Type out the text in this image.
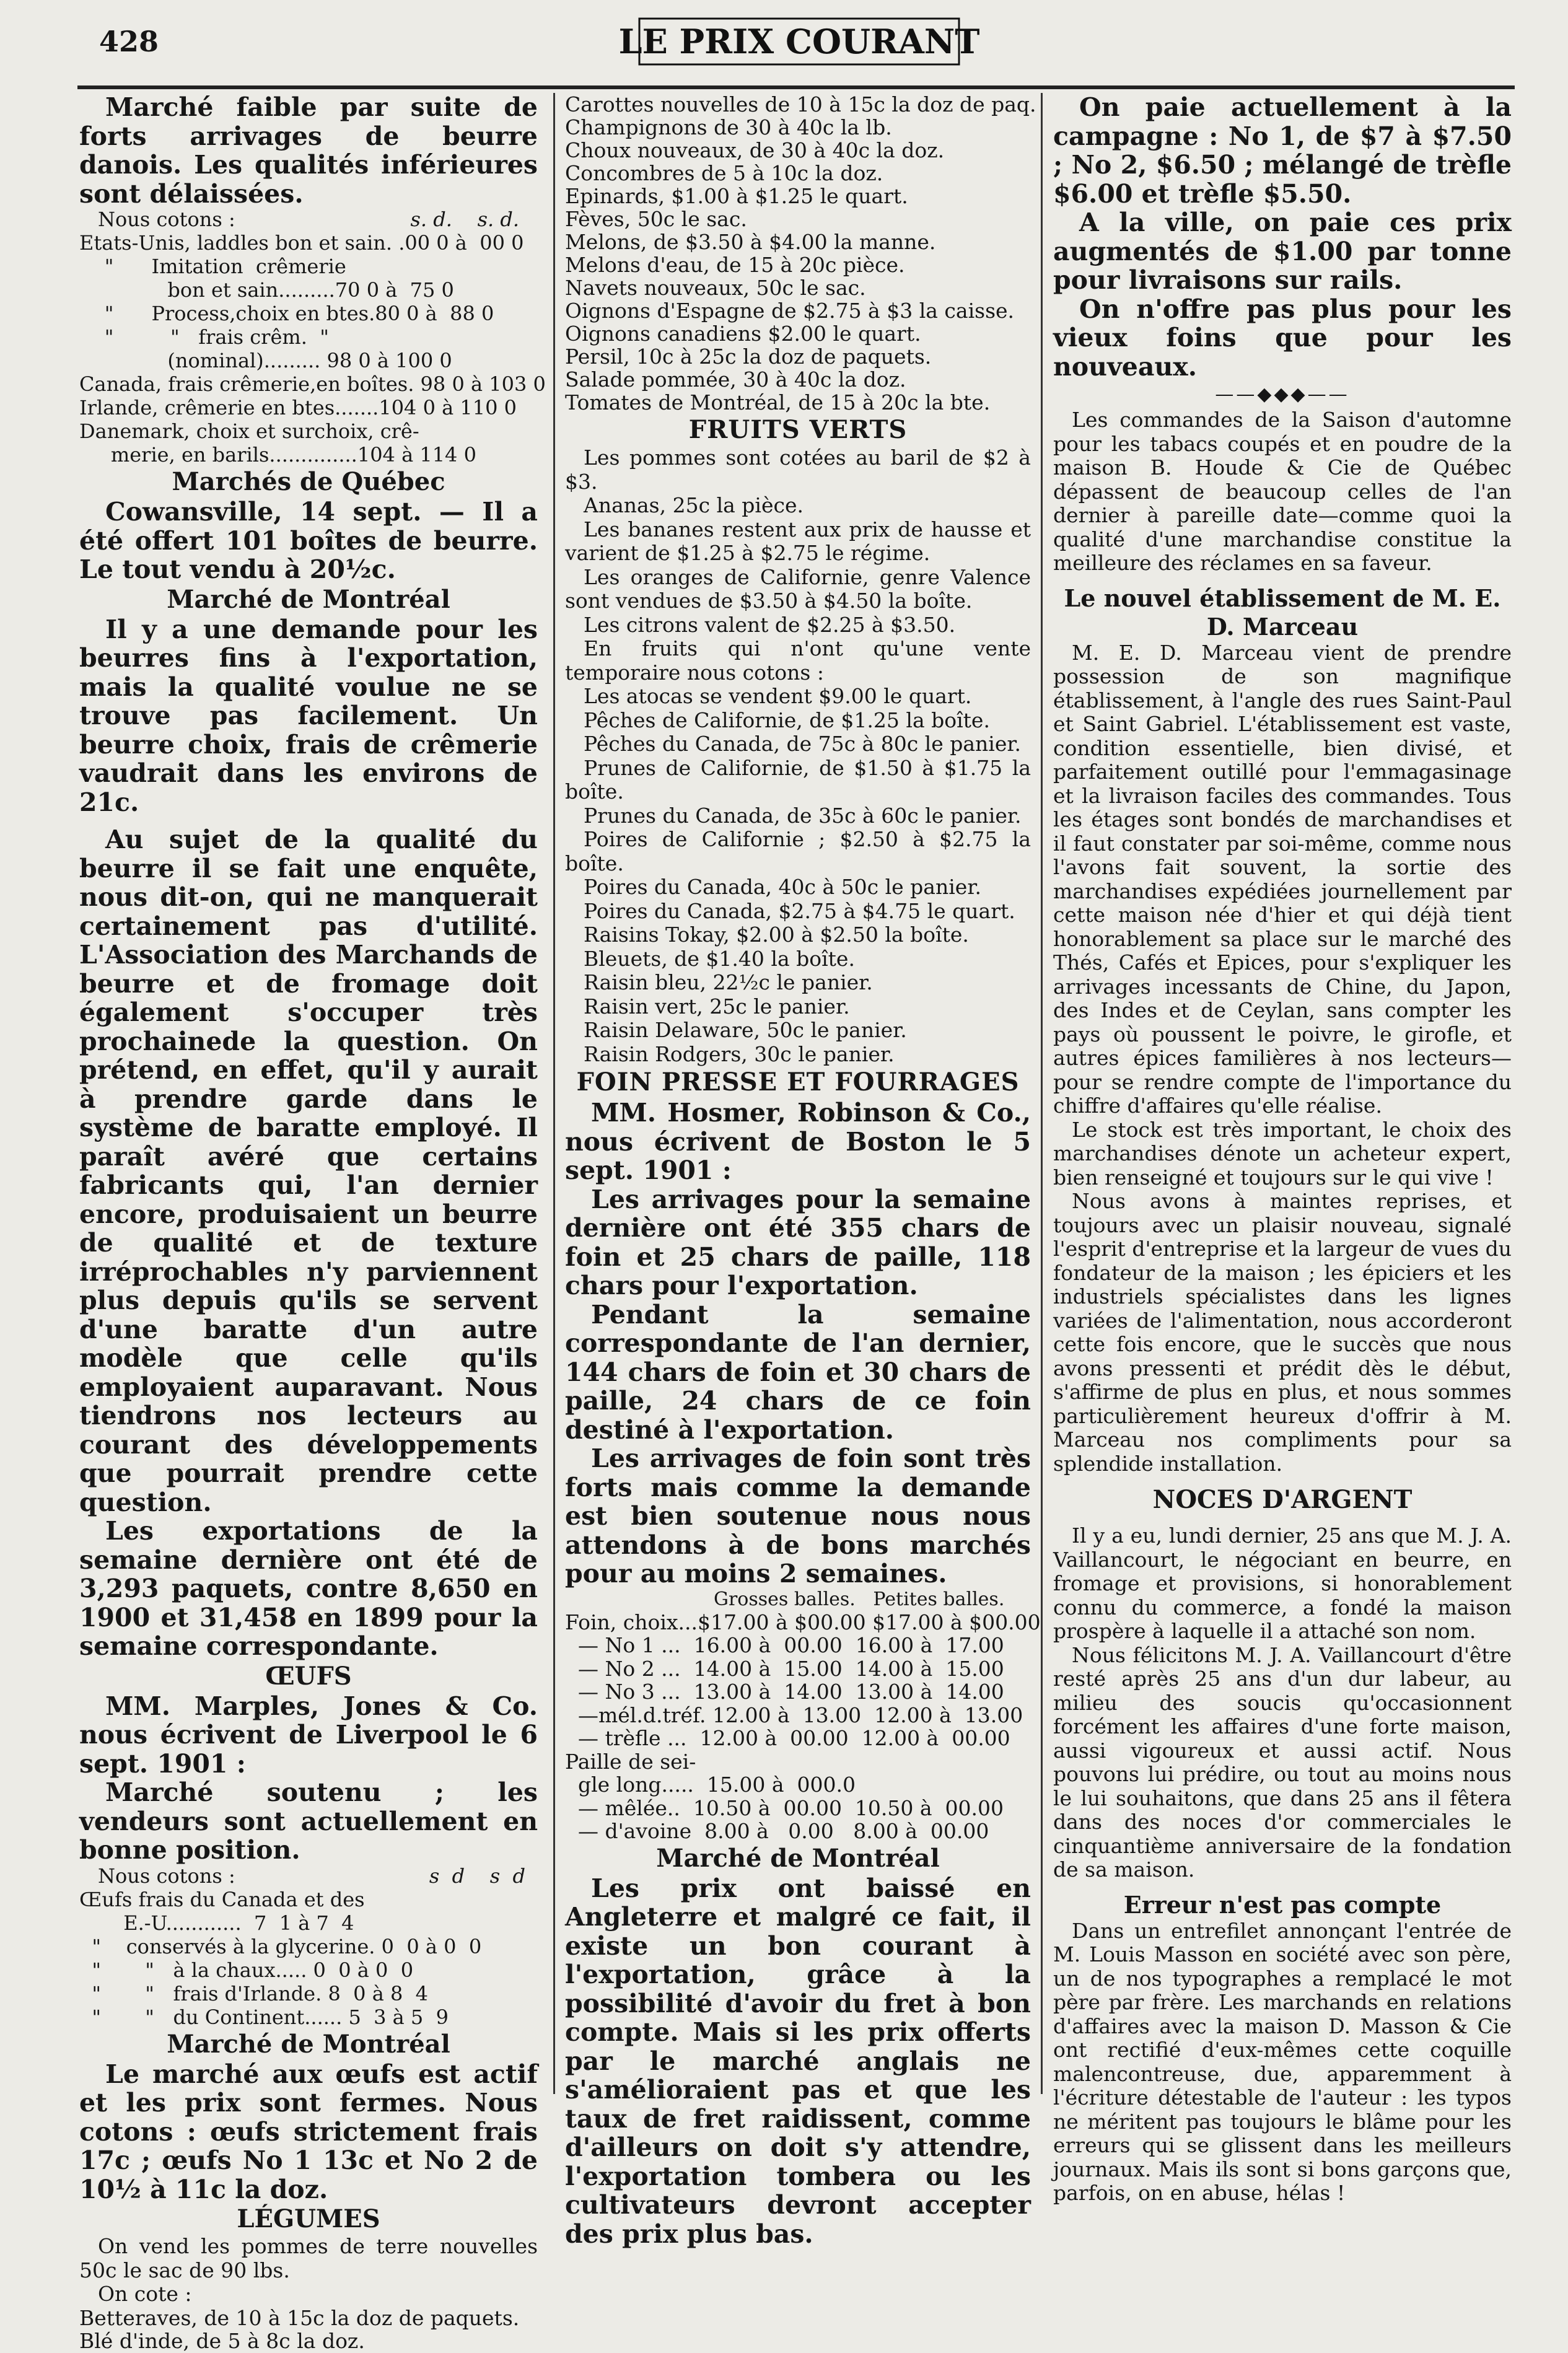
428	LE PRIX COURANT

Marché faible par suite de forts arrivages de beurre danois. Les qualités inférieures sont délaissées.

Nous cotons :	s. d.    s. d.
Etats-Unis, laddles bon et sain. .00 0 à  00 0
"      Imitation  crêmerie
bon et sain.........70 0 à  75 0
"      Process,choix en btes.80 0 à  88 0
"         "   frais crêm.  "
(nominal)......... 98 0 à 100 0
Canada, frais crêmerie,en boîtes. 98 0 à 103 0
Irlande, crêmerie en btes.......104 0 à 110 0
Danemark, choix et surchoix, crê-
merie, en barils..............104 à 114 0
Marchés de Québec

Cowansville, 14 sept. — Il a été offert 101 boîtes de beurre. Le tout vendu à 20½c.

Marché de Montréal

Il y a une demande pour les beurres fins à l'exportation, mais la qualité voulue ne se trouve pas facilement. Un beurre choix, frais de crêmerie vaudrait dans les environs de 21c.

Au sujet de la qualité du beurre il se fait une enquête, nous dit-on, qui ne manquerait certainement pas d'utilité. L'Association des Marchands de beurre et de fromage doit également s'occuper très prochainede la question. On prétend, en effet, qu'il y aurait à prendre garde dans le système de baratte employé. Il paraît avéré que certains fabricants qui, l'an dernier encore, produisaient un beurre de qualité et de texture irréprochables n'y parviennent plus depuis qu'ils se servent d'une baratte d'un autre modèle que celle qu'ils employaient auparavant. Nous tiendrons nos lecteurs au courant des développements que pourrait prendre cette question.

Les exportations de la semaine dernière ont été de 3,293 paquets, contre 8,650 en 1900 et 31,458 en 1899 pour la semaine correspondante.

ŒUFS

MM. Marples, Jones & Co. nous écrivent de Liverpool le 6 sept. 1901 :

Marché soutenu ; les vendeurs sont actuellement en bonne position.

Nous cotons :	s  d    s  d
Œufs frais du Canada et des
E.-U............  7  1 à 7  4
"    conservés à la glycerine. 0  0 à 0  0
"       "   à la chaux..... 0  0 à 0  0
"       "   frais d'Irlande. 8  0 à 8  4
"       "   du Continent...... 5  3 à 5  9
Marché de Montréal

Le marché aux œufs est actif et les prix sont fermes. Nous cotons : œufs strictement frais 17c ; œufs No 1 13c et No 2 de 10½ à 11c la doz.

LÉGUMES

On vend les pommes de terre nouvelles 50c le sac de 90 lbs.

On cote :

Betteraves, de 10 à 15c la doz de paquets.
Blé d'inde, de 5 à 8c la doz.
Carottes nouvelles de 10 à 15c la doz de paq.
Champignons de 30 à 40c la lb.
Choux nouveaux, de 30 à 40c la doz.
Concombres de 5 à 10c la doz.
Epinards, $1.00 à $1.25 le quart.
Fèves, 50c le sac.
Melons, de $3.50 à $4.00 la manne.
Melons d'eau, de 15 à 20c pièce.
Navets nouveaux, 50c le sac.
Oignons d'Espagne de $2.75 à $3 la caisse.
Oignons canadiens $2.00 le quart.
Persil, 10c à 25c la doz de paquets.
Salade pommée, 30 à 40c la doz.
Tomates de Montréal, de 15 à 20c la bte.
FRUITS VERTS

Les pommes sont cotées au baril de $2 à $3.

Ananas, 25c la pièce.

Les bananes restent aux prix de hausse et varient de $1.25 à $2.75 le régime.

Les oranges de Californie, genre Valence sont vendues de $3.50 à $4.50 la boîte.

Les citrons valent de $2.25 à $3.50.

En fruits qui n'ont qu'une vente temporaire nous cotons :

Les atocas se vendent $9.00 le quart.

Pêches de Californie, de $1.25 la boîte.

Pêches du Canada, de 75c à 80c le panier.

Prunes de Californie, de $1.50 à $1.75 la boîte.

Prunes du Canada, de 35c à 60c le panier.

Poires de Californie ; $2.50 à $2.75 la boîte.

Poires du Canada, 40c à 50c le panier.

Poires du Canada, $2.75 à $4.75 le quart.

Raisins Tokay, $2.00 à $2.50 la boîte.

Bleuets, de $1.40 la boîte.

Raisin bleu, 22½c le panier.

Raisin vert, 25c le panier.

Raisin Delaware, 50c le panier.

Raisin Rodgers, 30c le panier.

FOIN PRESSE ET FOURRAGES

MM. Hosmer, Robinson & Co., nous écrivent de Boston le 5 sept. 1901 :

Les arrivages pour la semaine dernière ont été 355 chars de foin et 25 chars de paille, 118 chars pour l'exportation.

Pendant la semaine correspondante de l'an dernier, 144 chars de foin et 30 chars de paille, 24 chars de ce foin destiné à l'exportation.

Les arrivages de foin sont très forts mais comme la demande est bien soutenue nous nous attendons à de bons marchés pour au moins 2 semaines.

Grosses balles.   Petites balles.
Foin, choix...$17.00 à $00.00 $17.00 à $00.00
— No 1 ...  16.00 à  00.00  16.00 à  17.00
— No 2 ...  14.00 à  15.00  14.00 à  15.00
— No 3 ...  13.00 à  14.00  13.00 à  14.00
—mél.d.tréf. 12.00 à  13.00  12.00 à  13.00
— trèfle ...  12.00 à  00.00  12.00 à  00.00
Paille de sei-
gle long.....  15.00 à  000.0
— mêlée..  10.50 à  00.00  10.50 à  00.00
— d'avoine  8.00 à   0.00   8.00 à  00.00
Marché de Montréal

Les prix ont baissé en Angleterre et malgré ce fait, il existe un bon courant à l'exportation, grâce à la possibilité d'avoir du fret à bon compte. Mais si les prix offerts par le marché anglais ne s'amélioraient pas et que les taux de fret raidissent, comme d'ailleurs on doit s'y attendre, l'exportation tombera ou les cultivateurs devront accepter des prix plus bas.

On paie actuellement à la campagne : No 1, de $7 à $7.50 ; No 2, $6.50 ; mélangé de trèfle $6.00 et trèfle $5.50.

A la ville, on paie ces prix augmentés de $1.00 par tonne pour livraisons sur rails.

On n'offre pas plus pour les vieux foins que pour les nouveaux.

——◆◆◆——

Les commandes de la Saison d'automne pour les tabacs coupés et en poudre de la maison B. Houde & Cie de Québec dépassent de beaucoup celles de l'an dernier à pareille date—comme quoi la qualité d'une marchandise constitue la meilleure des réclames en sa faveur.

Le nouvel établissement de M. E. D. Marceau

M. E. D. Marceau vient de prendre possession de son magnifique établissement, à l'angle des rues Saint-Paul et Saint Gabriel. L'établissement est vaste, condition essentielle, bien divisé, et parfaitement outillé pour l'emmagasinage et la livraison faciles des commandes. Tous les étages sont bondés de marchandises et il faut constater par soi-même, comme nous l'avons fait souvent, la sortie des marchandises expédiées journellement par cette maison née d'hier et qui déjà tient honorablement sa place sur le marché des Thés, Cafés et Epices, pour s'expliquer les arrivages incessants de Chine, du Japon, des Indes et de Ceylan, sans compter les pays où poussent le poivre, le girofle, et autres épices familières à nos lecteurs—pour se rendre compte de l'importance du chiffre d'affaires qu'elle réalise.

Le stock est très important, le choix des marchandises dénote un acheteur expert, bien renseigné et toujours sur le qui vive !

Nous avons à maintes reprises, et toujours avec un plaisir nouveau, signalé l'esprit d'entreprise et la largeur de vues du fondateur de la maison ; les épiciers et les industriels spécialistes dans les lignes variées de l'alimentation, nous accorderont cette fois encore, que le succès que nous avons pressenti et prédit dès le début, s'affirme de plus en plus, et nous sommes particulièrement heureux d'offrir à M. Marceau nos compliments pour sa splendide installation.

NOCES D'ARGENT

Il y a eu, lundi dernier, 25 ans que M. J. A. Vaillancourt, le négociant en beurre, en fromage et provisions, si honorablement connu du commerce, a fondé la maison prospère à laquelle il a attaché son nom.

Nous félicitons M. J. A. Vaillancourt d'être resté après 25 ans d'un dur labeur, au milieu des soucis qu'occasionnent forcément les affaires d'une forte maison, aussi vigoureux et aussi actif. Nous pouvons lui prédire, ou tout au moins nous le lui souhaitons, que dans 25 ans il fêtera dans des noces d'or commerciales le cinquantième anniversaire de la fondation de sa maison.

Erreur n'est pas compte

Dans un entrefilet annonçant l'entrée de M. Louis Masson en société avec son père, un de nos typographes a remplacé le mot père par frère. Les marchands en relations d'affaires avec la maison D. Masson & Cie ont rectifié d'eux-mêmes cette coquille malencontreuse, due, apparemment à l'écriture détestable de l'auteur : les typos ne méritent pas toujours le blâme pour les erreurs qui se glissent dans les meilleurs journaux. Mais ils sont si bons garçons que, parfois, on en abuse, hélas !
